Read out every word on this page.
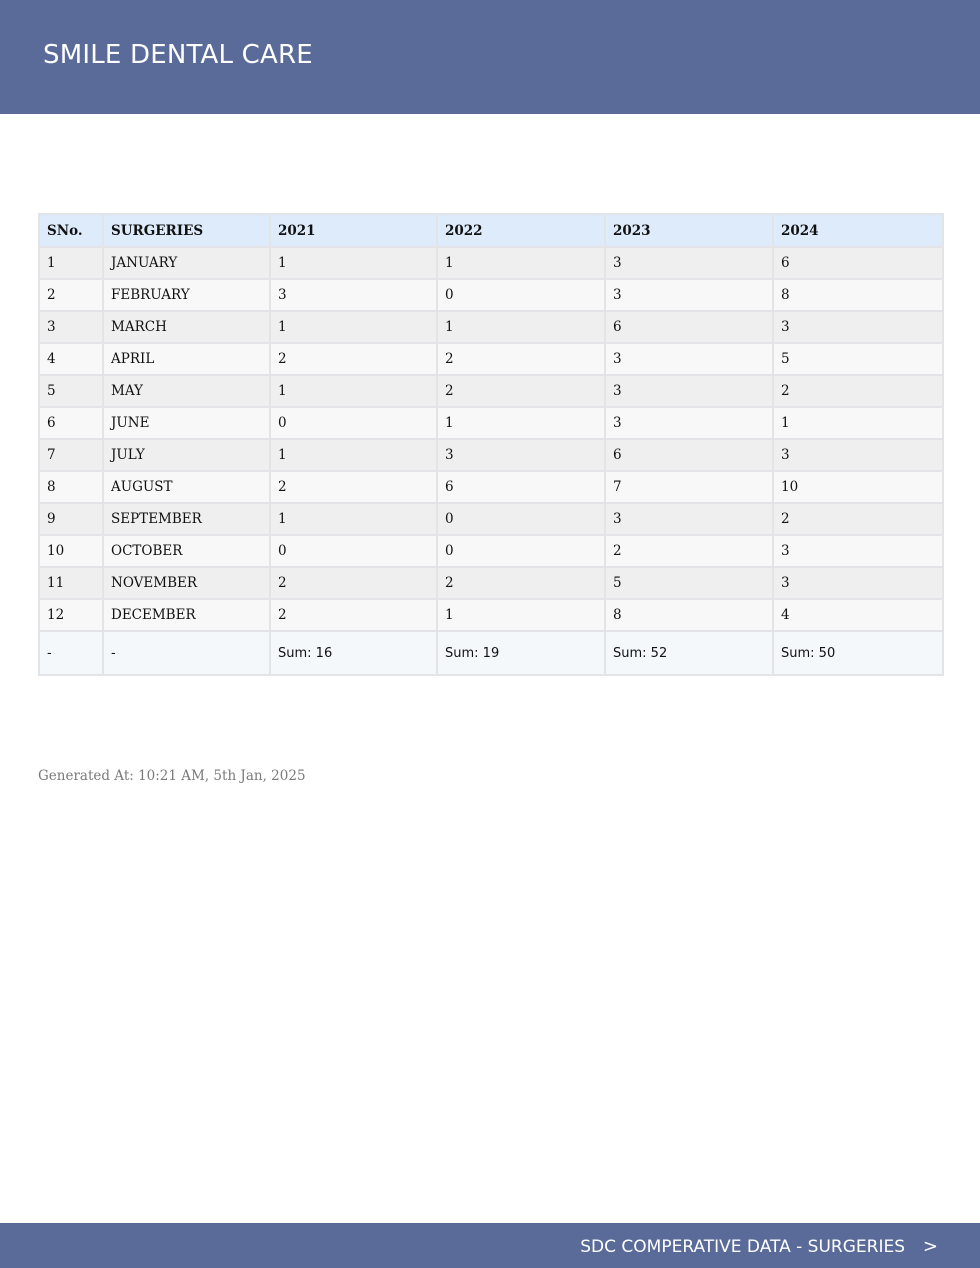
SMILE DENTAL CARE
SNo.	SURGERIES	2021	2022	2023	2024
1	JANUARY	1	1	3	6
2	FEBRUARY	3	0	3	8
3	MARCH	1	1	6	3
4	APRIL	2	2	3	5
5	MAY	1	2	3	2
6	JUNE	0	1	3	1
7	JULY	1	3	6	3
8	AUGUST	2	6	7	10
9	SEPTEMBER	1	0	3	2
10	OCTOBER	0	0	2	3
11	NOVEMBER	2	2	5	3
12	DECEMBER	2	1	8	4
-	-	Sum: 16	Sum: 19	Sum: 52	Sum: 50
Generated At: 10:21 AM, 5th Jan, 2025
SDC COMPERATIVE DATA - SURGERIES >
